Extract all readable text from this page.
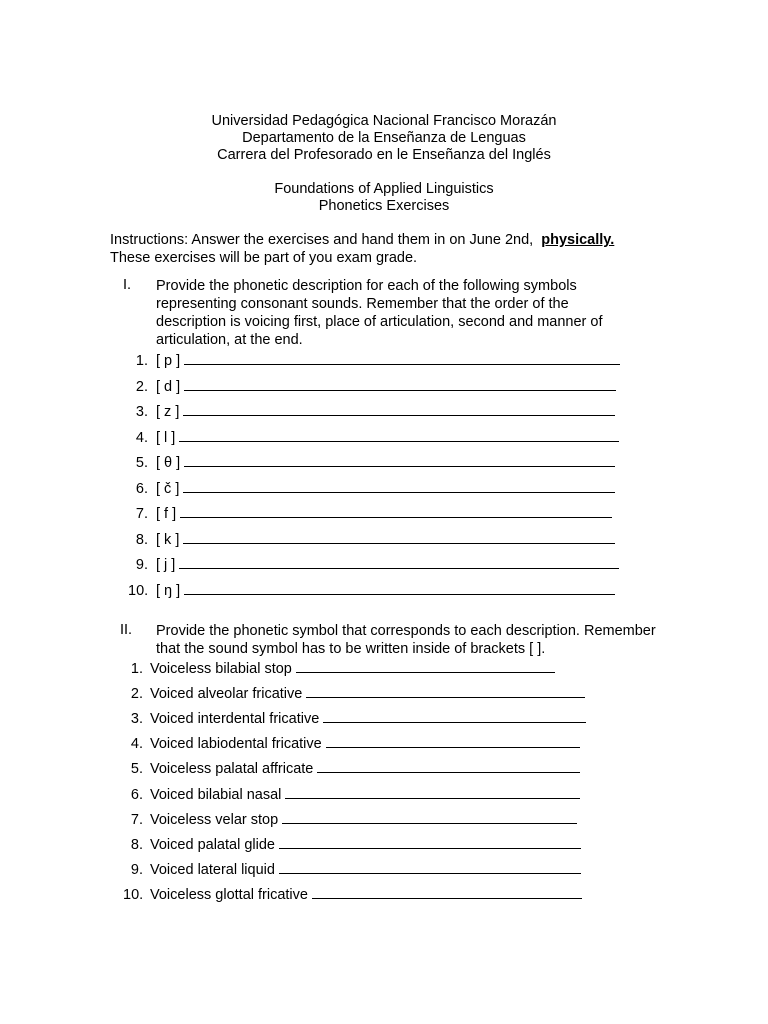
Universidad Pedagógica Nacional Francisco Morazán
Departamento de la Enseñanza de Lenguas
Carrera del Profesorado en le Enseñanza del Inglés
Foundations of Applied Linguistics
Phonetics Exercises
Instructions: Answer the exercises and hand them in on June 2nd, physically.
These exercises will be part of you exam grade.
I. Provide the phonetic description for each of the following symbols representing consonant sounds. Remember that the order of the description is voicing first, place of articulation, second and manner of articulation, at the end.
1. [ p ]
2. [ d ]
3. [ z ]
4. [ l ]
5. [ θ ]
6. [ č ]
7. [ f ]
8. [ k ]
9. [ j ]
10. [ ŋ ]
II. Provide the phonetic symbol that corresponds to each description. Remember that the sound symbol has to be written inside of brackets [ ].
1. Voiceless bilabial stop
2. Voiced alveolar fricative
3. Voiced interdental fricative
4. Voiced labiodental fricative
5. Voiceless palatal affricate
6. Voiced bilabial nasal
7. Voiceless velar stop
8. Voiced palatal glide
9. Voiced lateral liquid
10. Voiceless glottal fricative
